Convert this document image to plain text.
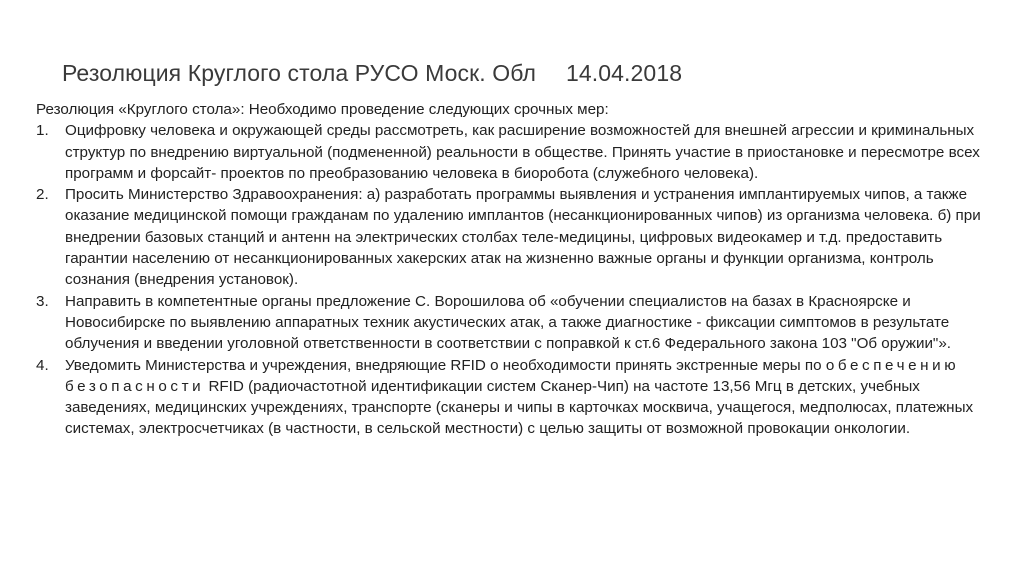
Резолюция Круглого стола РУСО Моск. Обл 14.04.2018

Резолюция «Круглого стола»: Необходимо проведение следующих срочных мер:

1. Оцифровку человека и окружающей среды рассмотреть, как расширение возможностей для внешней агрессии и криминальных структур по внедрению виртуальной (подмененной) реальности в обществе. Принять участие в приостановке и пересмотре всех программ и форсайт- проектов по преобразованию человека в биоробота (служебного человека).
2. Просить Министерство Здравоохранения: а) разработать программы выявления и устранения имплантируемых чипов, а также оказание медицинской помощи гражданам по удалению имплантов (несанкционированных чипов) из организма человека. б) при внедрении базовых станций и антенн на электрических столбах теле-медицины, цифровых видеокамер и т.д. предоставить гарантии населению от несанкционированных хакерских атак на жизненно важные органы и функции организма, контроль сознания (внедрения установок).
3. Направить в компетентные органы предложение С. Ворошилова об «обучении специалистов на базах в Красноярске и Новосибирске по выявлению аппаратных техник акустических атак, а также диагностике - фиксации симптомов в результате облучения и введении уголовной ответственности в соответствии с поправкой к ст.6 Федерального закона 103 "Об оружии"».
4. Уведомить Министерства и учреждения, внедряющие RFID о необходимости принять экстренные меры по обеспечению безопасности RFID (радиочастотной идентификации систем Сканер-Чип) на частоте 13,56 Мгц в детских, учебных заведениях, медицинских учреждениях, транспорте (сканеры и чипы в карточках москвича, учащегося, медполюсах, платежных системах, электросчетчиках (в частности, в сельской местности) с целью защиты от возможной провокации онкологии.
